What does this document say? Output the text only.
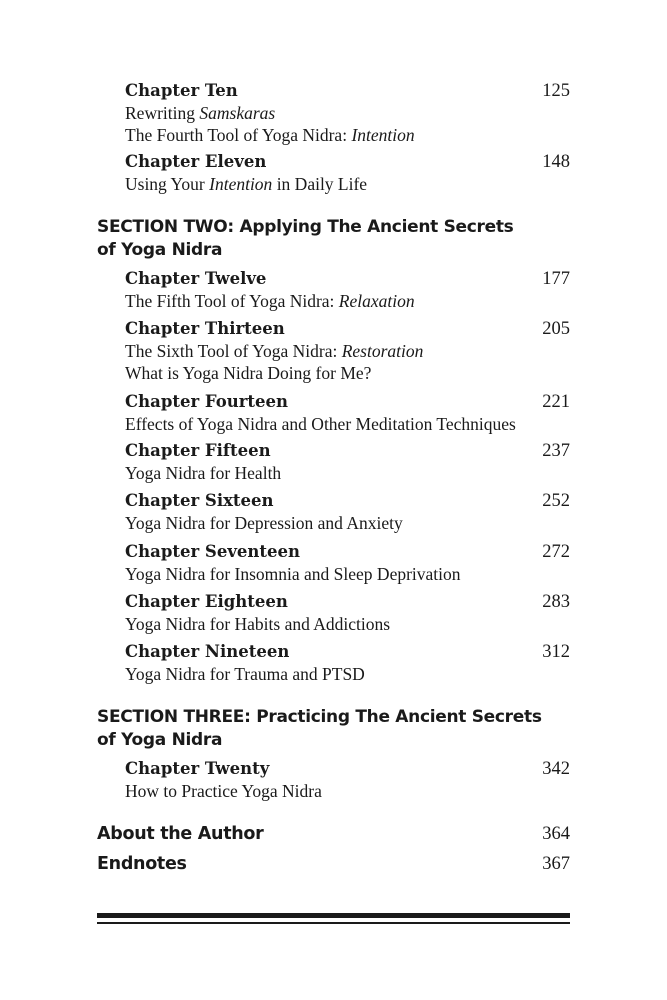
Chapter Ten	125
Rewriting Samskaras
The Fourth Tool of Yoga Nidra: Intention
Chapter Eleven	148
Using Your Intention in Daily Life
SECTION TWO: Applying The Ancient Secrets
of Yoga Nidra
Chapter Twelve	177
The Fifth Tool of Yoga Nidra: Relaxation
Chapter Thirteen	205
The Sixth Tool of Yoga Nidra: Restoration
What is Yoga Nidra Doing for Me?
Chapter Fourteen	221
Effects of Yoga Nidra and Other Meditation Techniques
Chapter Fifteen	237
Yoga Nidra for Health
Chapter Sixteen	252
Yoga Nidra for Depression and Anxiety
Chapter Seventeen	272
Yoga Nidra for Insomnia and Sleep Deprivation
Chapter Eighteen	283
Yoga Nidra for Habits and Addictions
Chapter Nineteen	312
Yoga Nidra for Trauma and PTSD
SECTION THREE: Practicing The Ancient Secrets
of Yoga Nidra
Chapter Twenty	342
How to Practice Yoga Nidra
About the Author	364
Endnotes	367
